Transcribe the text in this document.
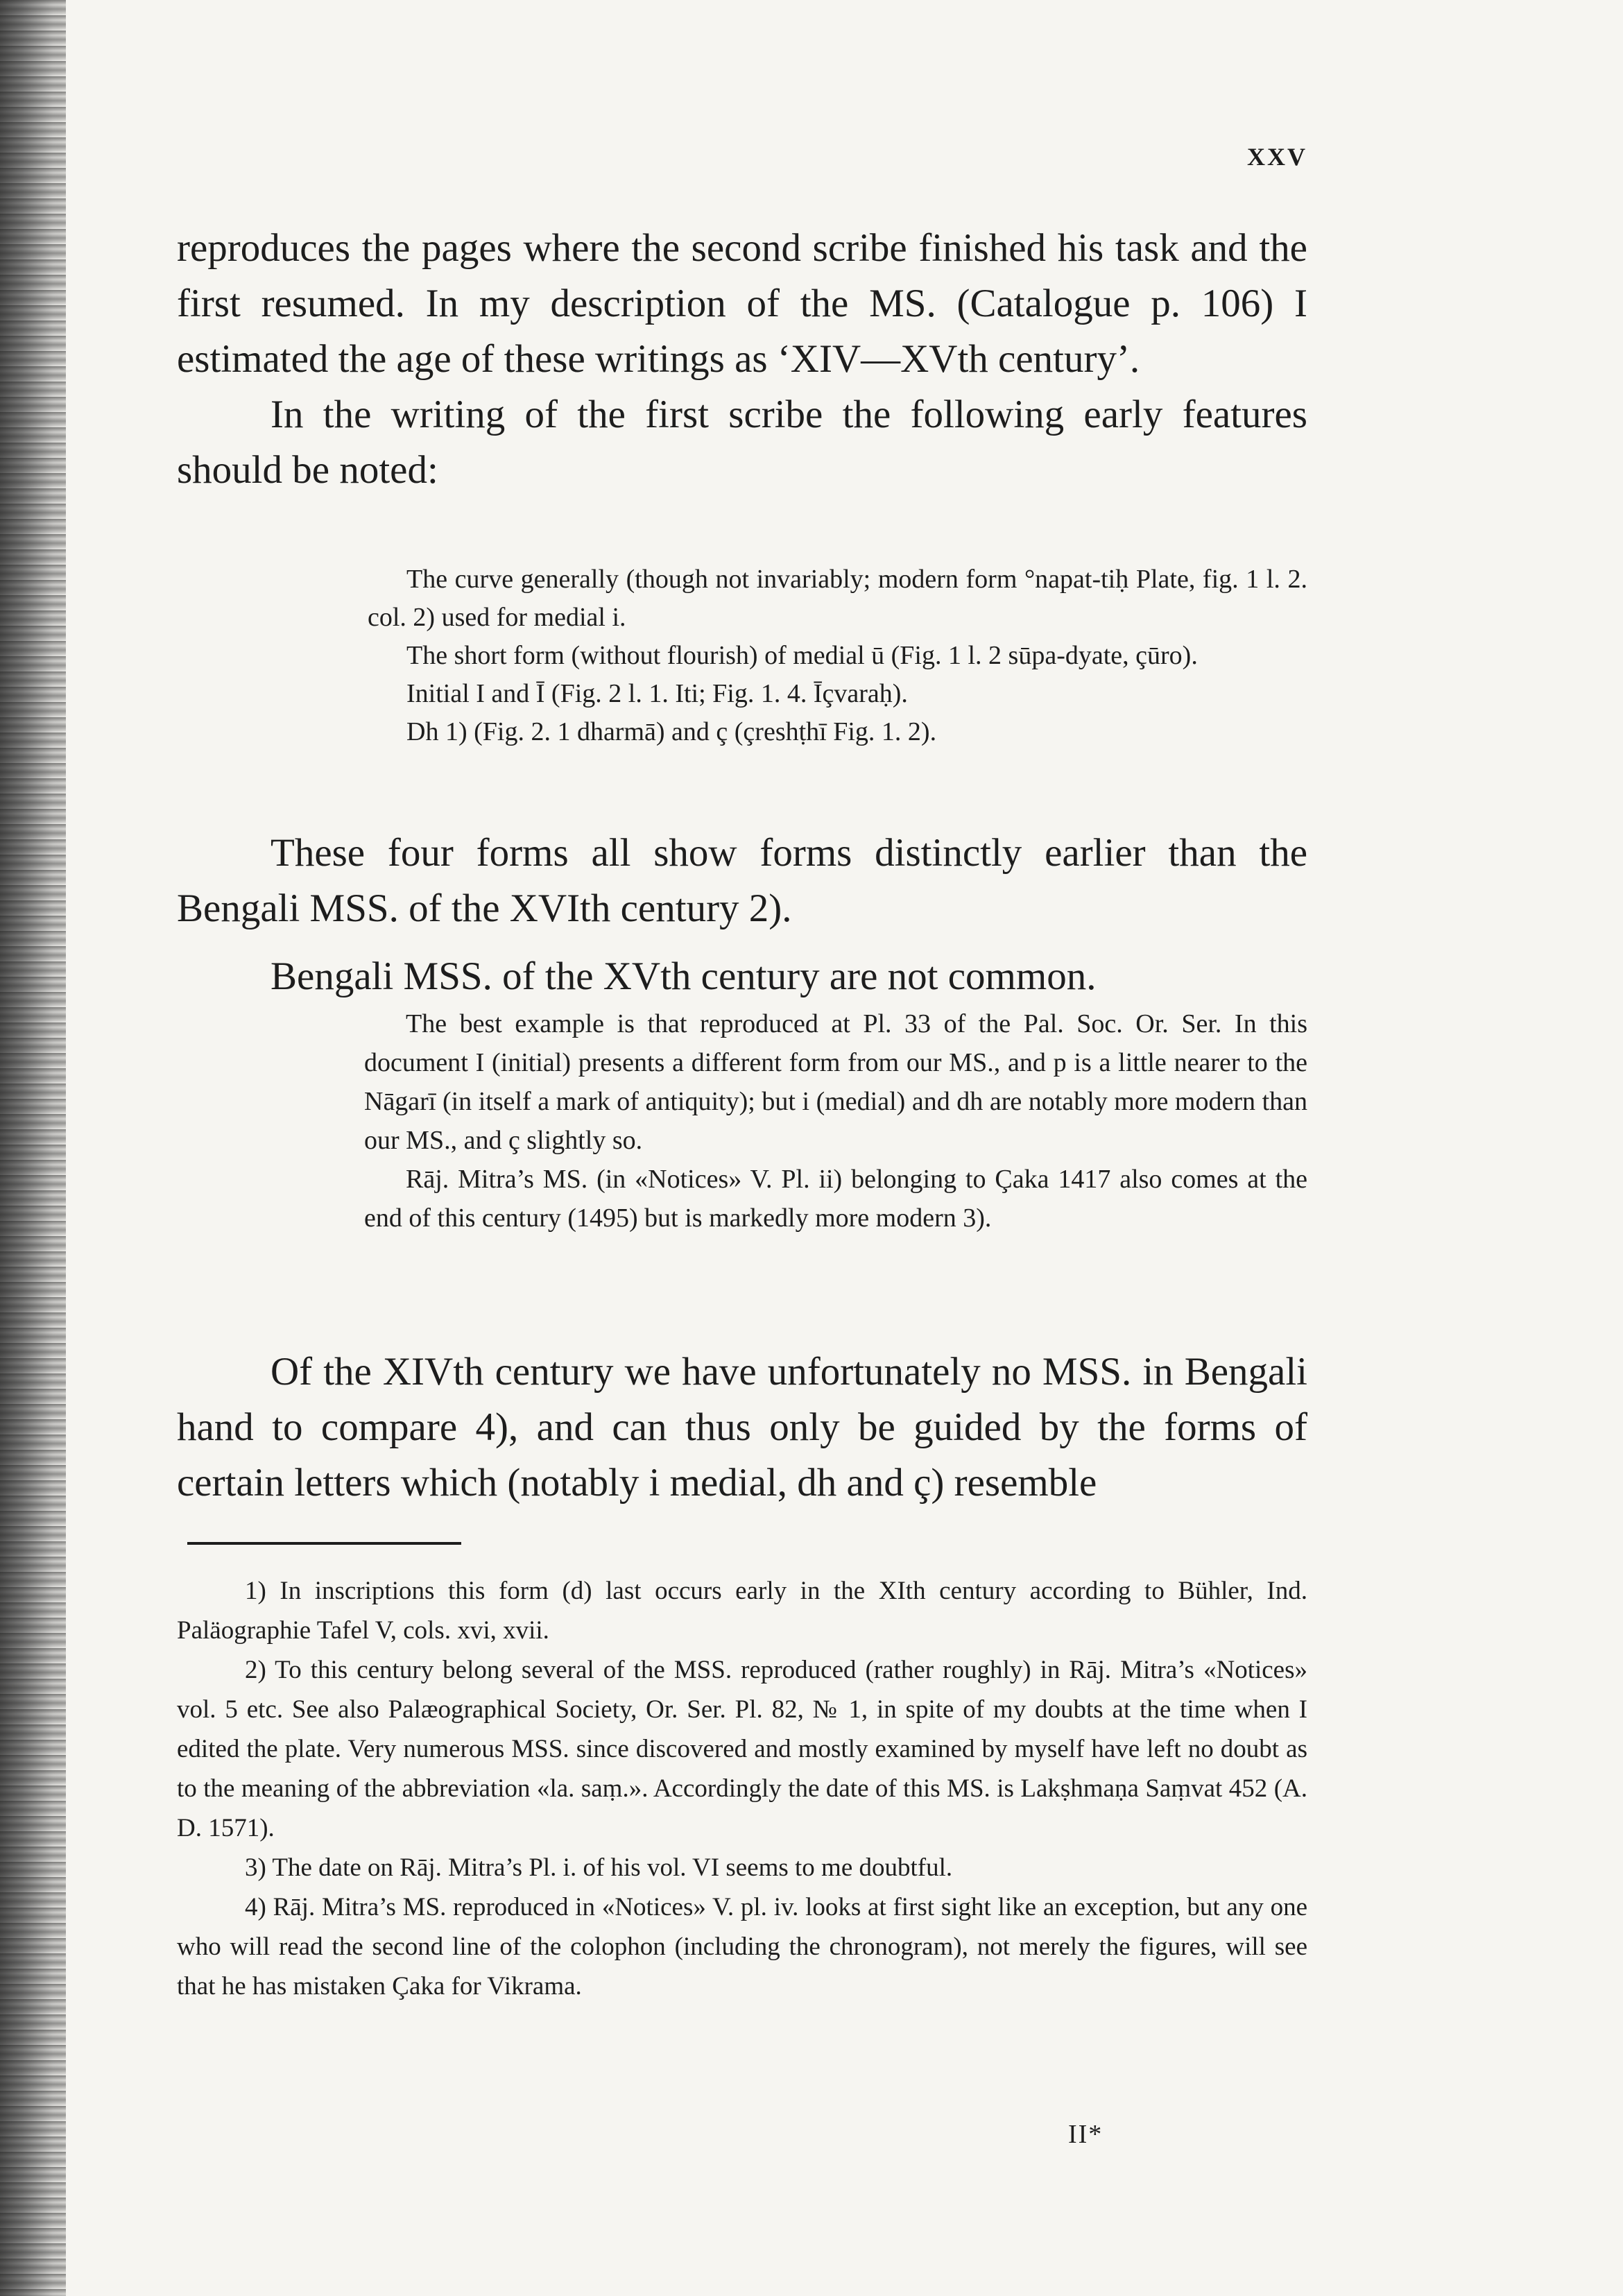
XXV

reproduces the pages where the second scribe finished his task and the first resumed. In my description of the MS. (Catalogue p. 106) I estimated the age of these writings as ‘XIV—XVth century’.

In the writing of the first scribe the following early features should be noted:

The curve generally (though not invariably; modern form °napat-tiḥ Plate, fig. 1 l. 2. col. 2) used for medial i.

The short form (without flourish) of medial ū (Fig. 1 l. 2 sūpa-dyate, çūro).

Initial I and Ī (Fig. 2 l. 1. Iti; Fig. 1. 4. Īçvaraḥ).

Dh 1) (Fig. 2. 1 dharmā) and ç (çreshṭhī Fig. 1. 2).

These four forms all show forms distinctly earlier than the Bengali MSS. of the XVIth century 2).

Bengali MSS. of the XVth century are not common.

The best example is that reproduced at Pl. 33 of the Pal. Soc. Or. Ser. In this document I (initial) presents a different form from our MS., and p is a little nearer to the Nāgarī (in itself a mark of antiquity); but i (medial) and dh are notably more modern than our MS., and ç slightly so.

Rāj. Mitra’s MS. (in «Notices» V. Pl. ii) belonging to Çaka 1417 also comes at the end of this century (1495) but is markedly more modern 3).

Of the XIVth century we have unfortunately no MSS. in Bengali hand to compare 4), and can thus only be guided by the forms of certain letters which (notably i medial, dh and ç) resemble

1) In inscriptions this form (d) last occurs early in the XIth century according to Bühler, Ind. Paläographie Tafel V, cols. xvi, xvii.

2) To this century belong several of the MSS. reproduced (rather roughly) in Rāj. Mitra’s «Notices» vol. 5 etc. See also Palæographical Society, Or. Ser. Pl. 82, № 1, in spite of my doubts at the time when I edited the plate. Very numerous MSS. since discovered and mostly examined by myself have left no doubt as to the meaning of the abbreviation «la. saṃ.». Accordingly the date of this MS. is Lakṣhmaṇa Saṃvat 452 (A. D. 1571).

3) The date on Rāj. Mitra’s Pl. i. of his vol. VI seems to me doubtful.

4) Rāj. Mitra’s MS. reproduced in «Notices» V. pl. iv. looks at first sight like an exception, but any one who will read the second line of the colophon (including the chronogram), not merely the figures, will see that he has mistaken Çaka for Vikrama.

II*
